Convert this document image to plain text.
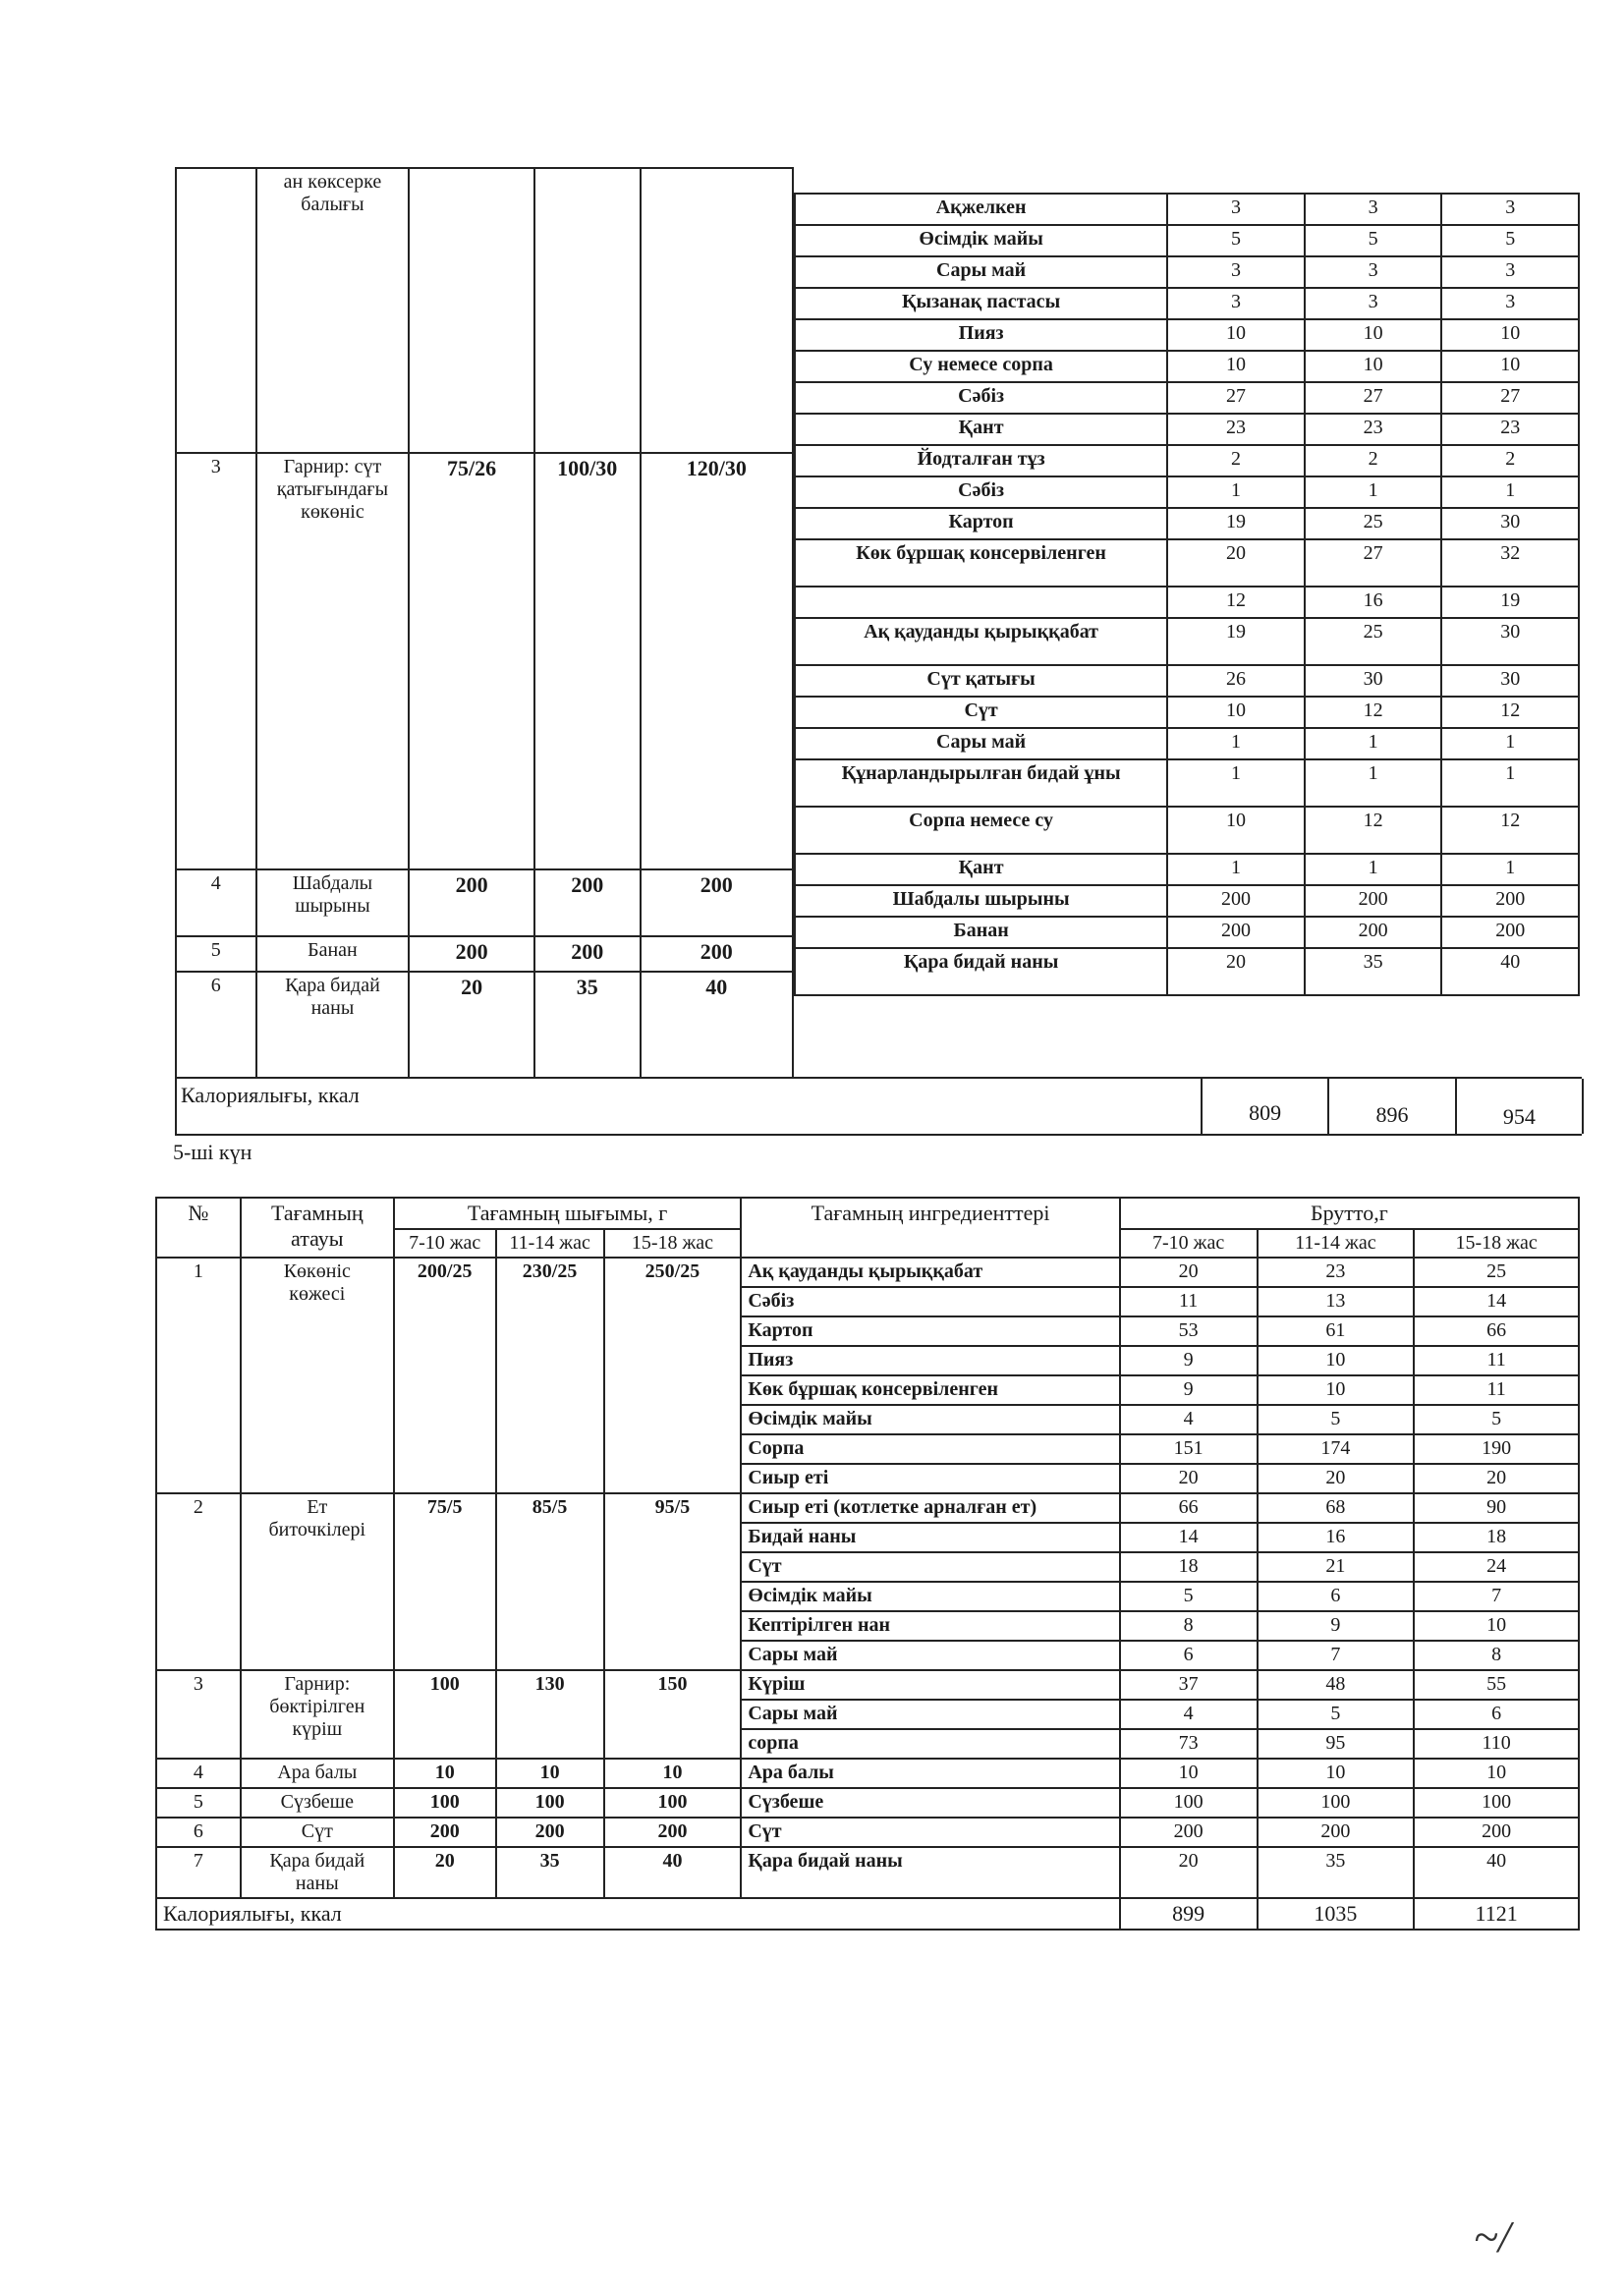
	ан көксерке
балығы			
3	Гарнир: сүт
қатығындағы
көкөніс	75/26	100/30	120/30
4	Шабдалы
шырыны	200	200	200
5	Банан	200	200	200
6	Қара бидай
наны	20	35	40
Ақжелкен	3	3	3
Өсімдік майы	5	5	5
Сары май	3	3	3
Қызанақ пастасы	3	3	3
Пияз	10	10	10
Су немесе сорпа	10	10	10
Сәбіз	27	27	27
Қант	23	23	23
Йодталған тұз	2	2	2
Сәбіз	1	1	1
Картоп	19	25	30
Көк бұршақ консервіленген	20	27	32
	12	16	19
Ақ қауданды қырыққабат	19	25	30
Сүт қатығы	26	30	30
Сүт	10	12	12
Сары май	1	1	1
Құнарландырылған бидай ұны	1	1	1
Сорпа немесе су	10	12	12
Қант	1	1	1
Шабдалы шырыны	200	200	200
Банан	200	200	200
Қара бидай наны	20	35	40
Калориялығы, ккал
809	896	954
5-ші күн
№	Тағамның атауы	Тағамның шығымы, г			Тағамның ингредиенттері	Брутто,г		
		7-10 жас	11-14 жас	15-18 жас		7-10 жас	11-14 жас	15-18 жас
1	Көкөніс
көжесі	200/25	230/25	250/25	Ақ қауданды қырыққабат	20	23	25
					Сәбіз	11	13	14
					Картоп	53	61	66
					Пияз	9	10	11
					Көк бұршақ консервіленген	9	10	11
					Өсімдік майы	4	5	5
					Сорпа	151	174	190
					Сиыр еті	20	20	20
2	Ет
биточкілері	75/5	85/5	95/5	Сиыр еті (котлетке арналған ет)	66	68	90
					Бидай наны	14	16	18
					Сүт	18	21	24
					Өсімдік майы	5	6	7
					Кептірілген нан	8	9	10
					Сары май	6	7	8
3	Гарнир:
бөктірілген
күріш	100	130	150	Күріш	37	48	55
					Сары май	4	5	6
					сорпа	73	95	110
4	Ара балы	10	10	10	Ара балы	10	10	10
5	Сүзбеше	100	100	100	Сүзбеше	100	100	100
6	Сүт	200	200	200	Сүт	200	200	200
7	Қара бидай
наны	20	35	40	Қара бидай наны	20	35	40
Калориялығы, ккал						899	1035	1121
~/
